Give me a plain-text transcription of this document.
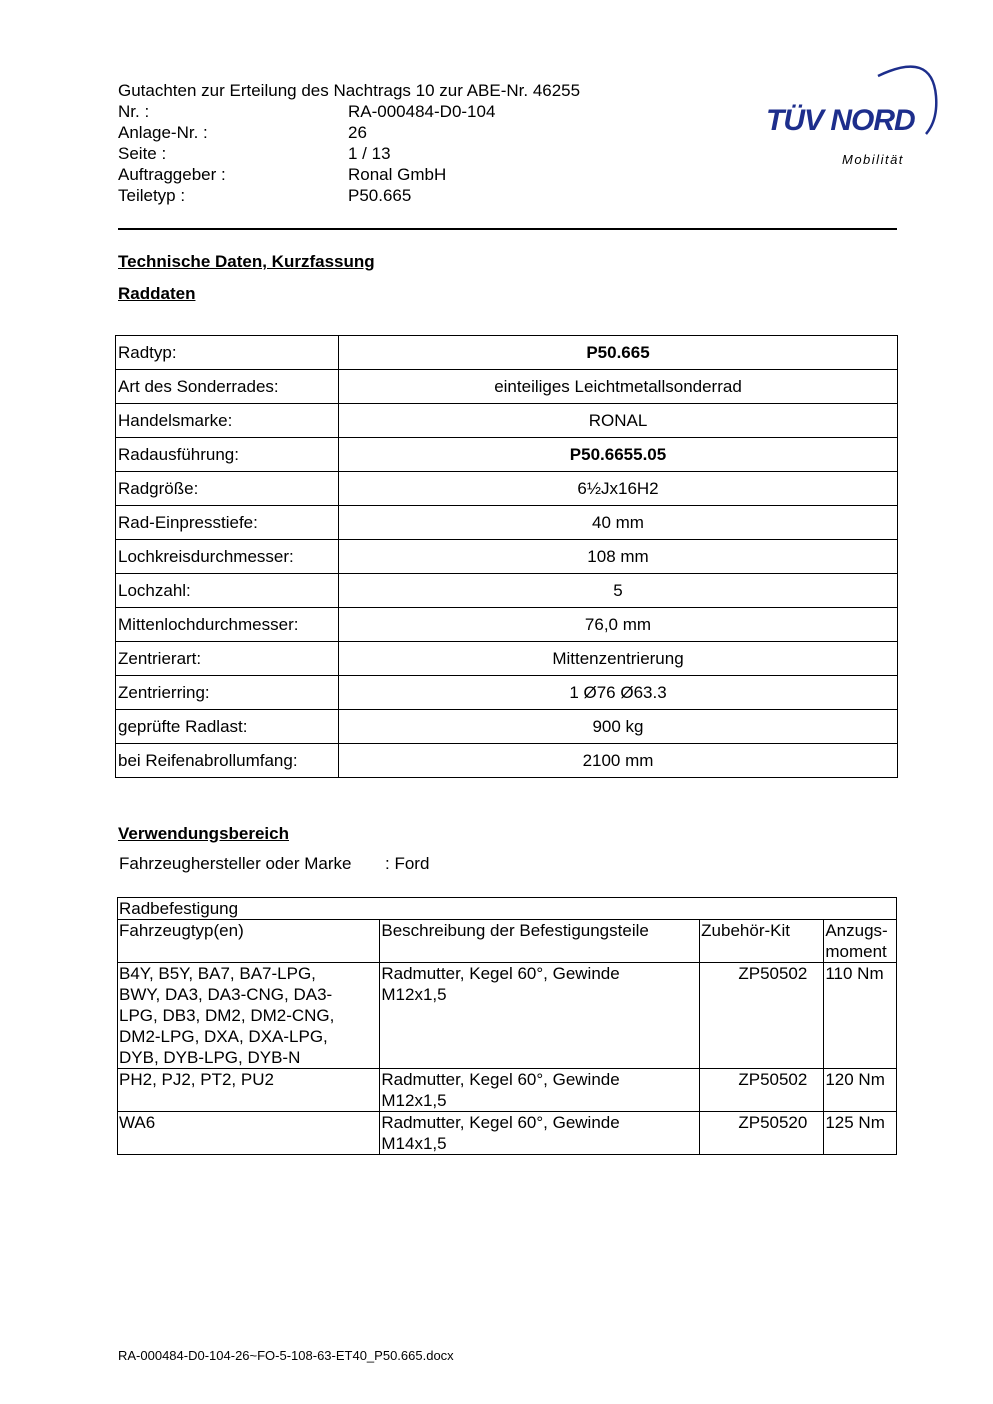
Gutachten zur Erteilung des Nachtrags 10 zur ABE-Nr. 46255
Nr. :	RA-000484-D0-104
Anlage-Nr. :	26
Seite :	1 / 13
Auftraggeber :	Ronal GmbH
Teiletyp :	P50.665
TÜV NORD
Mobilität
Technische Daten, Kurzfassung
Raddaten
Radtyp:	P50.665
Art des Sonderrades:	einteiliges Leichtmetallsonderrad
Handelsmarke:	RONAL
Radausführung:	P50.6655.05
Radgröße:	6½Jx16H2
Rad-Einpresstiefe:	40 mm
Lochkreisdurchmesser:	108 mm
Lochzahl:	5
Mittenlochdurchmesser:	76,0 mm
Zentrierart:	Mittenzentrierung
Zentrierring:	1 Ø76 Ø63.3
geprüfte Radlast:	900 kg
bei Reifenabrollumfang:	2100 mm
Verwendungsbereich
Fahrzeughersteller oder Marke : Ford
Radbefestigung			
Fahrzeugtyp(en)	Beschreibung der Befestigungsteile	Zubehör-Kit	Anzugs-
moment
B4Y, B5Y, BA7, BA7-LPG,
BWY, DA3, DA3-CNG, DA3-
LPG, DB3, DM2, DM2-CNG,
DM2-LPG, DXA, DXA-LPG,
DYB, DYB-LPG, DYB-N	Radmutter, Kegel 60°, Gewinde
M12x1,5	ZP50502	110 Nm
PH2, PJ2, PT2, PU2	Radmutter, Kegel 60°, Gewinde
M12x1,5	ZP50502	120 Nm
WA6	Radmutter, Kegel 60°, Gewinde
M14x1,5	ZP50520	125 Nm
RA-000484-D0-104-26~FO-5-108-63-ET40_P50.665.docx
